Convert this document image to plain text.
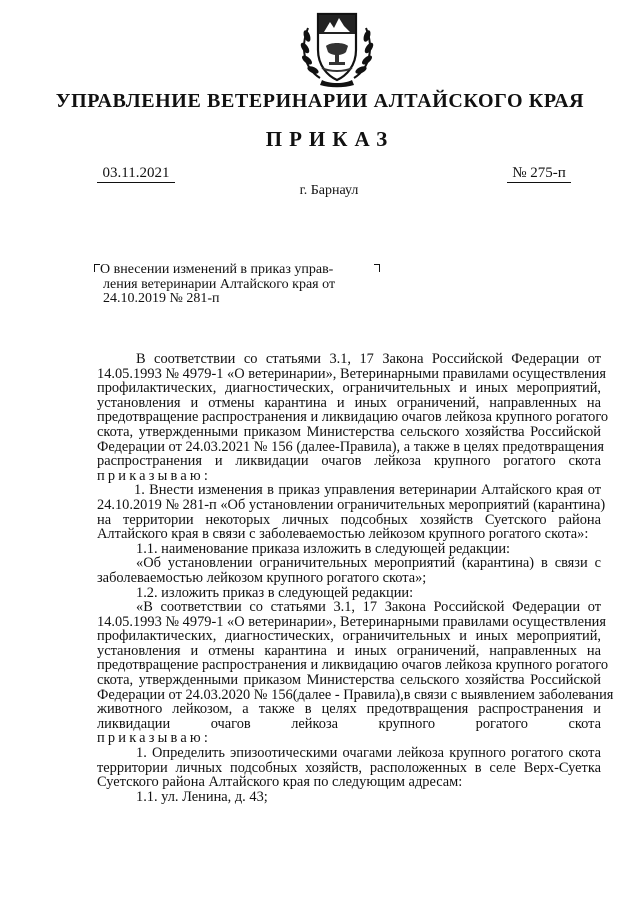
УПРАВЛЕНИЕ ВЕТЕРИНАРИИ АЛТАЙСКОГО КРАЯ
ПРИКАЗ
03.11.2021	№ 275-п
г. Барнаул
О внесении изменений в приказ управ-
ления ветеринарии Алтайского края от
24.10.2019 № 281-п
В соответствии со статьями 3.1, 17 Закона Российской Федерации от
14.05.1993 № 4979-1 «О ветеринарии», Ветеринарными правилами осуществления
профилактических, диагностических, ограничительных и иных мероприятий,
установления и отмены карантина и иных ограничений, направленных на
предотвращение распространения и ликвидацию очагов лейкоза крупного рогатого
скота, утвержденными приказом Министерства сельского хозяйства Российской
Федерации от 24.03.2021 № 156 (далее-Правила), а также в целях предотвращения
распространения и ликвидации очагов лейкоза крупного рогатого скота
приказываю:
1. Внести изменения в приказ управления ветеринарии Алтайского края от
24.10.2019 № 281-п «Об установлении ограничительных мероприятий (карантина)
на территории некоторых личных подсобных хозяйств Суетского района
Алтайского края в связи с заболеваемостью лейкозом крупного рогатого скота»:
1.1. наименование приказа изложить в следующей редакции:
«Об установлении ограничительных мероприятий (карантина) в связи с
заболеваемостью лейкозом крупного рогатого скота»;
1.2. изложить приказ в следующей редакции:
«В соответствии со статьями 3.1, 17 Закона Российской Федерации от
14.05.1993 № 4979-1 «О ветеринарии», Ветеринарными правилами осуществления
профилактических, диагностических, ограничительных и иных мероприятий,
установления и отмены карантина и иных ограничений, направленных на
предотвращение распространения и ликвидацию очагов лейкоза крупного рогатого
скота, утвержденными приказом Министерства сельского хозяйства Российской
Федерации от 24.03.2020 № 156(далее - Правила),в связи с выявлением заболевания
животного лейкозом, а также в целях предотвращения распространения и
ликвидации очагов лейкоза крупного рогатого скота
приказываю:
1. Определить эпизоотическими очагами лейкоза крупного рогатого скота
территории личных подсобных хозяйств, расположенных в селе Верх-Суетка
Суетского района Алтайского края по следующим адресам:
1.1. ул. Ленина, д. 43;
